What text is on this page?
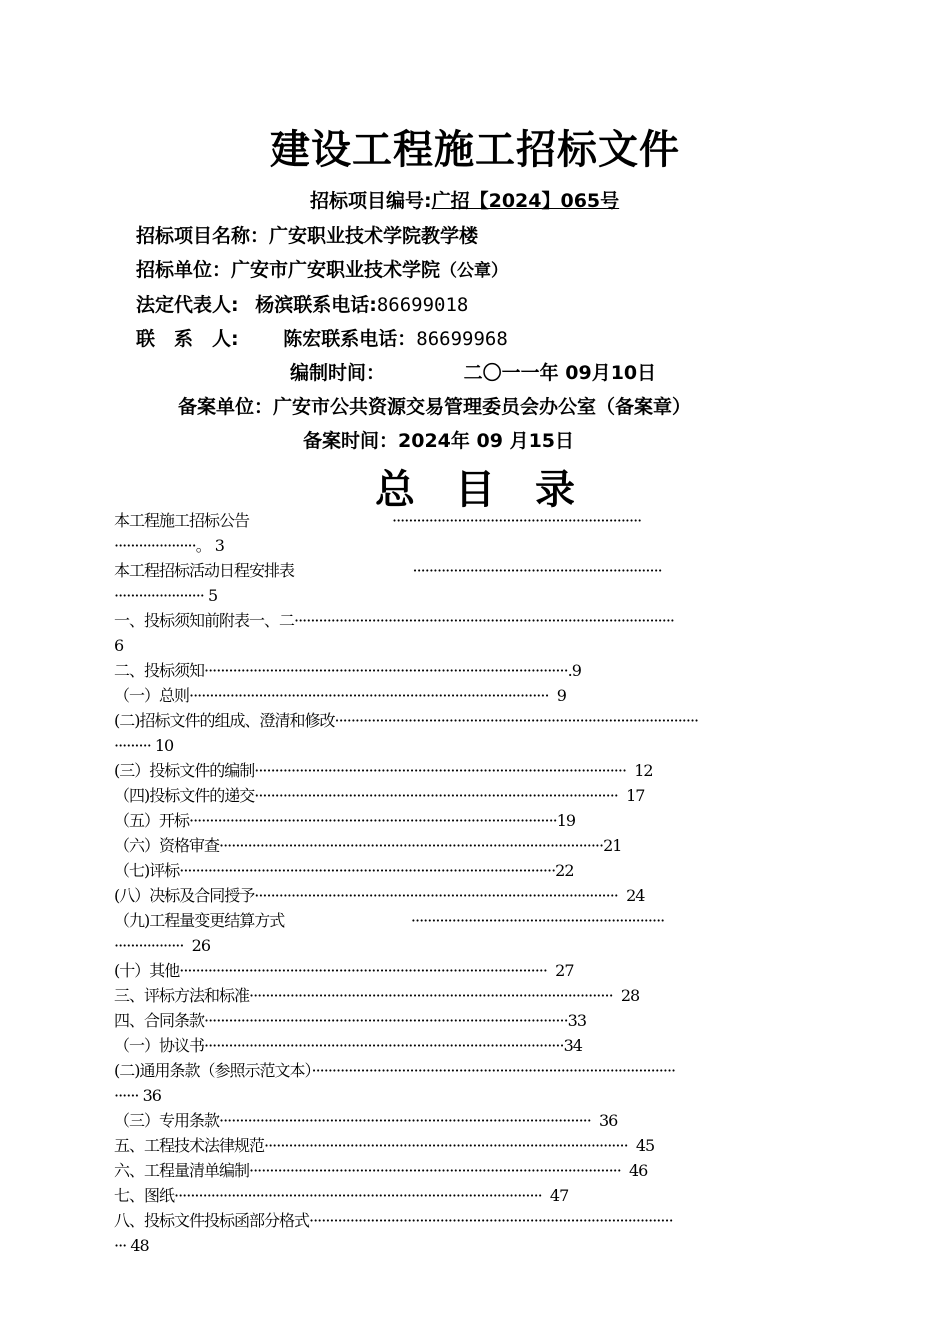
建设工程施工招标文件
招标项目编号:广招【2024】065号
招标项目名称：广安职业技术学院教学楼
招标单位：广安市广安职业技术学院（公章）
法定代表人: 杨滨联系电话:86699018
联　系　人: 陈宏联系电话：86699968
编制时间：	二〇一一年 09月10日
备案单位：广安市公共资源交易管理委员会办公室（备案章）
备案时间：2024年 09 月15日
总目录
本工程施工招标公告                                   ·····························································
····················。 3
本工程招标活动日程安排表                             ·····························································
······················ 5
一、投标须知前附表一、二·····························································································
6
二、投标须知·························································································.9
（一）总则························································································  9
(二)招标文件的组成、澄清和修改·························································································
········· 10
(三）投标文件的编制···························································································  12
（四)投标文件的递交·························································································  17
（五）开标··························································································19
（六）资格审查······························································································21
（七)评标····························································································22
(八）决标及合同授予·························································································  24
（九)工程量变更结算方式                               ······························································
·················  26
(十）其他··························································································  27
三、评标方法和标准·························································································  28
四、合同条款·························································································33
（一）协议书························································································34
(二)通用条款（参照示范文本）·························································································
······ 36
（三）专用条款···························································································  36
五、工程技术法律规范·························································································  45
六、工程量清单编制···························································································  46
七、图纸··························································································  47
八、投标文件投标函部分格式·························································································
··· 48
